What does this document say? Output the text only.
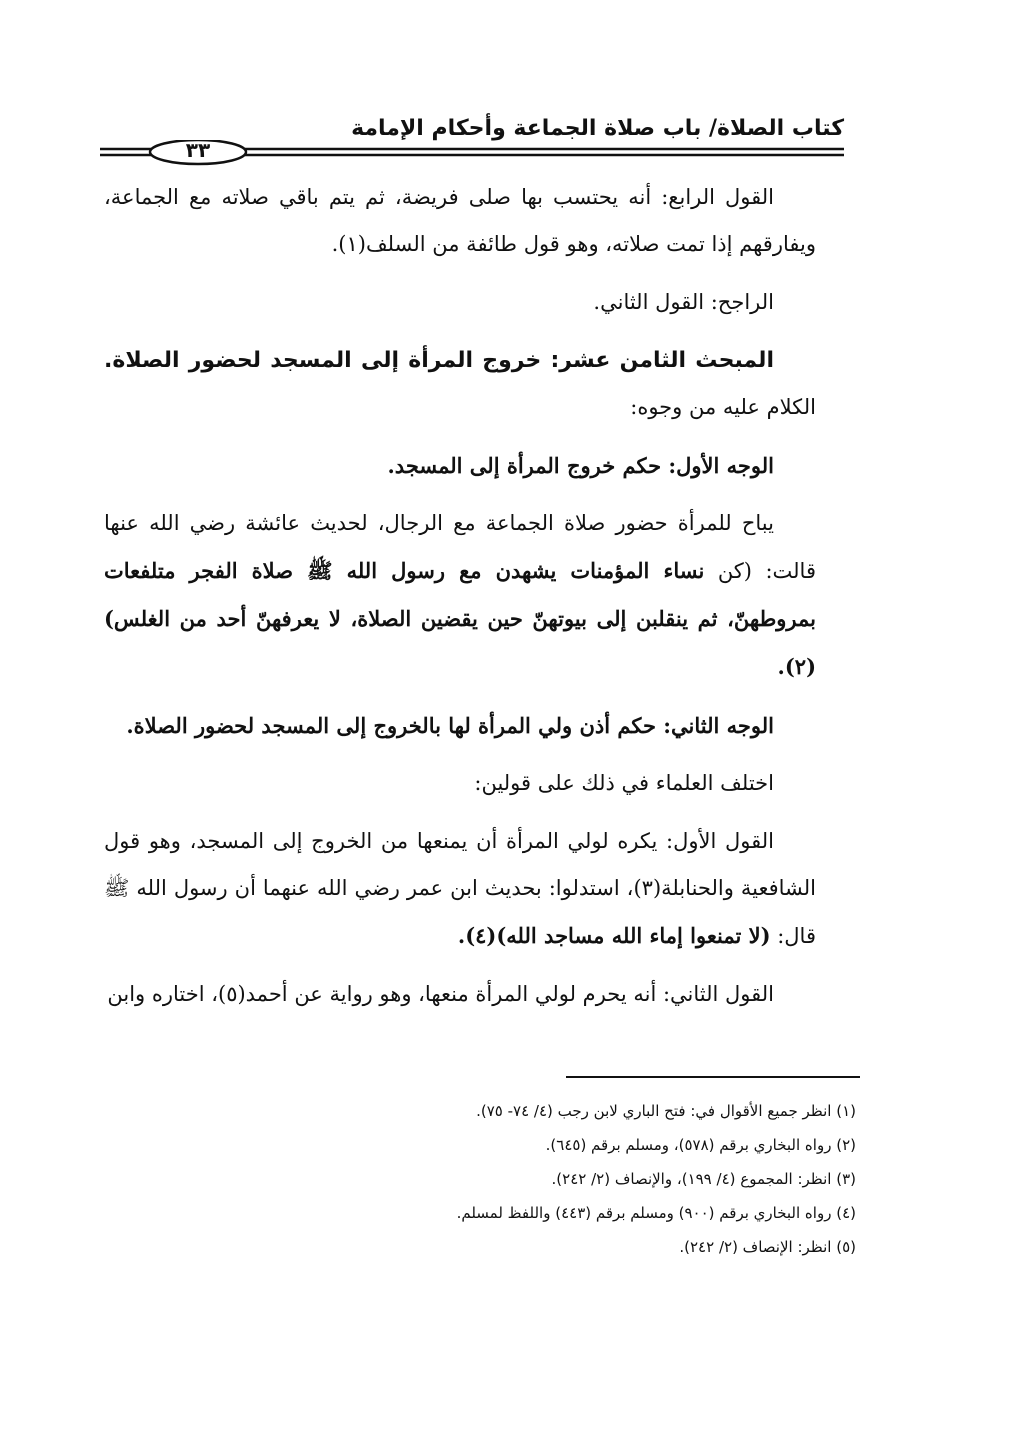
كتاب الصلاة/ باب صلاة الجماعة وأحكام الإمامة
٣٣

القول الرابع: أنه يحتسب بها صلى فريضة، ثم يتم باقي صلاته مع الجماعة، ويفارقهم إذا تمت صلاته، وهو قول طائفة من السلف(١).

الراجح: القول الثاني.

المبحث الثامن عشر: خروج المرأة إلى المسجد لحضور الصلاة. الكلام عليه من وجوه:

الوجه الأول: حكم خروج المرأة إلى المسجد.

يباح للمرأة حضور صلاة الجماعة مع الرجال، لحديث عائشة رضي الله عنها قالت: (كن نساء المؤمنات يشهدن مع رسول الله ﷺ صلاة الفجر متلفعات بمروطهنّ، ثم ينقلبن إلى بيوتهنّ حين يقضين الصلاة، لا يعرفهنّ أحد من الغلس)(٢).

الوجه الثاني: حكم أذن ولي المرأة لها بالخروج إلى المسجد لحضور الصلاة.

اختلف العلماء في ذلك على قولين:

القول الأول: يكره لولي المرأة أن يمنعها من الخروج إلى المسجد، وهو قول الشافعية والحنابلة(٣)، استدلوا: بحديث ابن عمر رضي الله عنهما أن رسول الله ﷺ قال: (لا تمنعوا إماء الله مساجد الله)(٤).

القول الثاني: أنه يحرم لولي المرأة منعها، وهو رواية عن أحمد(٥)، اختاره وابن

(١) انظر جميع الأقوال في: فتح الباري لابن رجب (٤/ ٧٤- ٧٥).
(٢) رواه البخاري برقم (٥٧٨)، ومسلم برقم (٦٤٥).
(٣) انظر: المجموع (٤/ ١٩٩)، والإنصاف (٢/ ٢٤٢).
(٤) رواه البخاري برقم (٩٠٠) ومسلم برقم (٤٤٣) واللفظ لمسلم.
(٥) انظر: الإنصاف (٢/ ٢٤٢).
